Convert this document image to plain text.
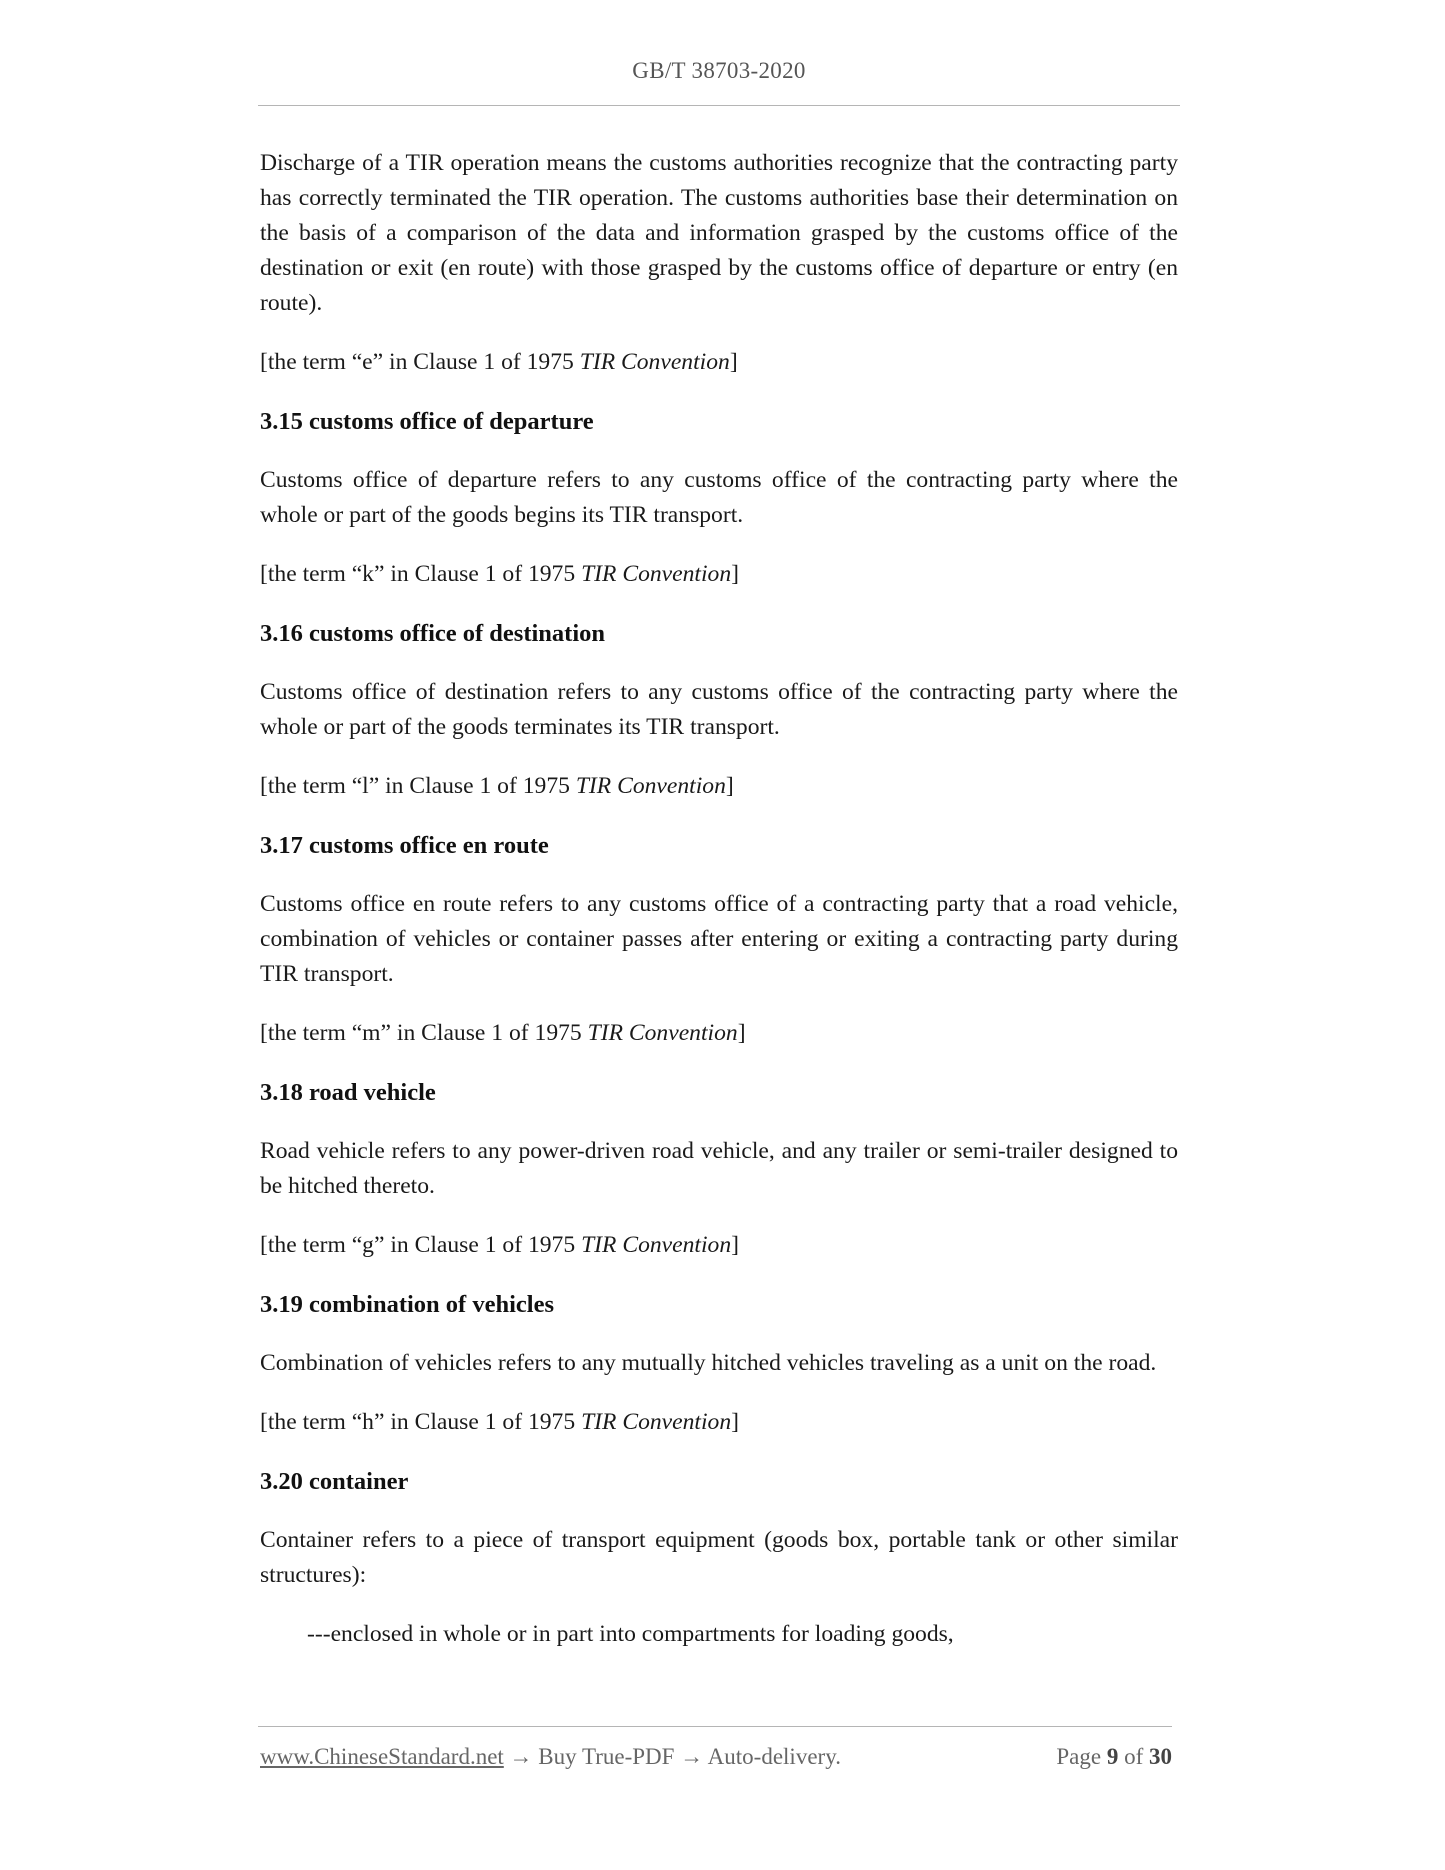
GB/T 38703-2020

Discharge of a TIR operation means the customs authorities recognize that the contracting party has correctly terminated the TIR operation. The customs authorities base their determination on the basis of a comparison of the data and information grasped by the customs office of the destination or exit (en route) with those grasped by the customs office of departure or entry (en route).

[the term “e” in Clause 1 of 1975 TIR Convention]

3.15 customs office of departure

Customs office of departure refers to any customs office of the contracting party where the whole or part of the goods begins its TIR transport.

[the term “k” in Clause 1 of 1975 TIR Convention]

3.16 customs office of destination

Customs office of destination refers to any customs office of the contracting party where the whole or part of the goods terminates its TIR transport.

[the term “l” in Clause 1 of 1975 TIR Convention]

3.17 customs office en route

Customs office en route refers to any customs office of a contracting party that a road vehicle, combination of vehicles or container passes after entering or exiting a contracting party during TIR transport.

[the term “m” in Clause 1 of 1975 TIR Convention]

3.18 road vehicle

Road vehicle refers to any power-driven road vehicle, and any trailer or semi-trailer designed to be hitched thereto.

[the term “g” in Clause 1 of 1975 TIR Convention]

3.19 combination of vehicles

Combination of vehicles refers to any mutually hitched vehicles traveling as a unit on the road.

[the term “h” in Clause 1 of 1975 TIR Convention]

3.20 container

Container refers to a piece of transport equipment (goods box, portable tank or other similar structures):

---enclosed in whole or in part into compartments for loading goods,

www.ChineseStandard.net → Buy True-PDF → Auto-delivery.	Page 9 of 30
